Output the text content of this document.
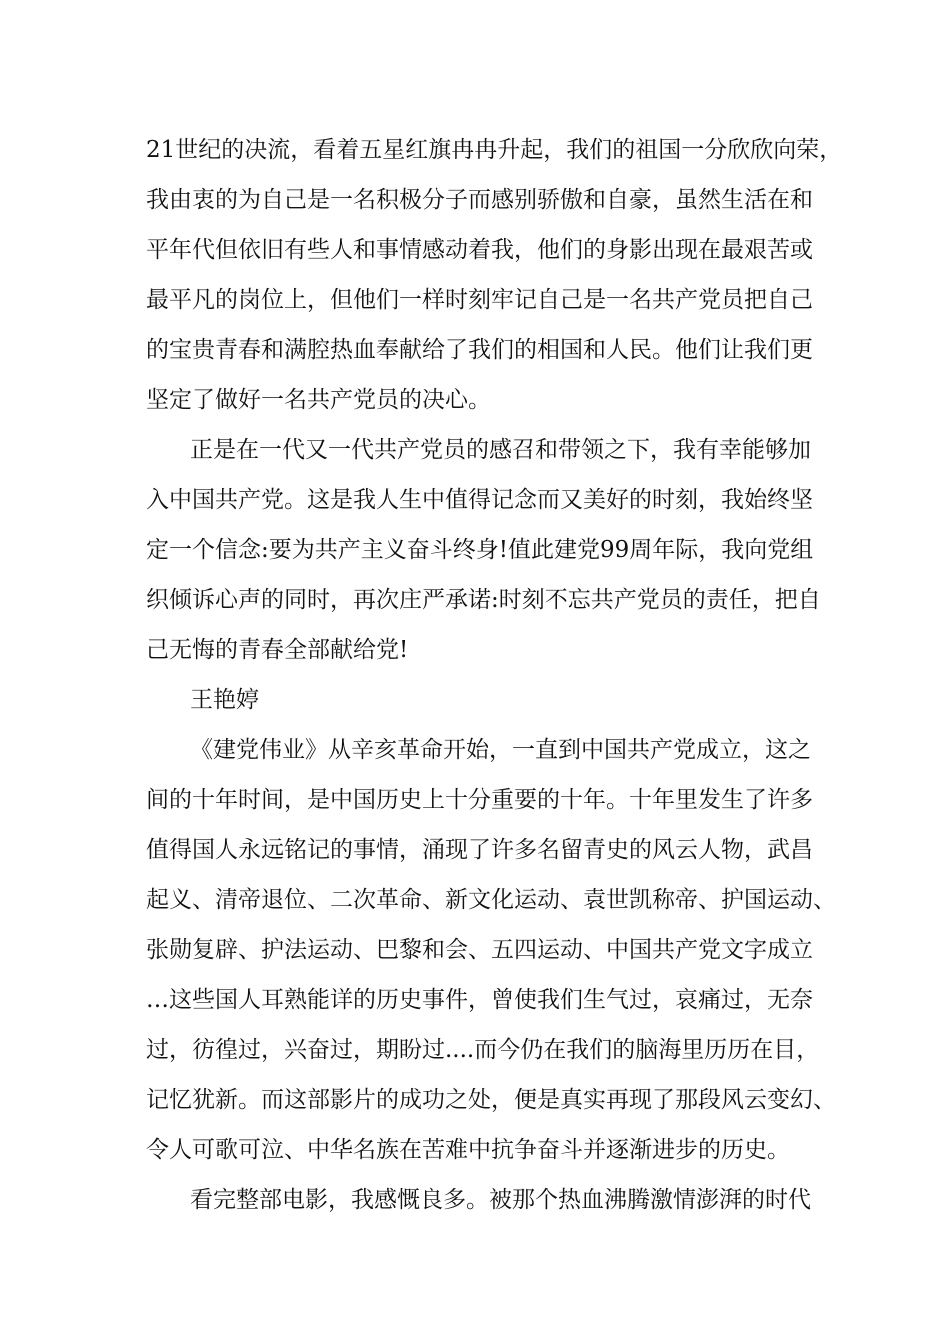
21世纪的决流，看着五星红旗冉冉升起，我们的祖国一分欣欣向荣，
我由衷的为自己是一名积极分子而感别骄傲和自豪，虽然生活在和
平年代但依旧有些人和事情感动着我，他们的身影出现在最艰苦或
最平凡的岗位上，但他们一样时刻牢记自己是一名共产党员把自己
的宝贵青春和满腔热血奉献给了我们的相国和人民。他们让我们更
坚定了做好一名共产党员的决心。
正是在一代又一代共产党员的感召和带领之下，我有幸能够加
入中国共产党。这是我人生中值得记念而又美好的时刻，我始终坚
定一个信念:要为共产主义奋斗终身!值此建党99周年际，我向党组
织倾诉心声的同时，再次庄严承诺:时刻不忘共产党员的责任，把自
己无悔的青春全部献给党!
王艳婷
《建党伟业》从辛亥革命开始，一直到中国共产党成立，这之
间的十年时间，是中国历史上十分重要的十年。十年里发生了许多
值得国人永远铭记的事情，涌现了许多名留青史的风云人物，武昌
起义、清帝退位、二次革命、新文化运动、袁世凯称帝、护国运动、
张勋复辟、护法运动、巴黎和会、五四运动、中国共产党文字成立
…这些国人耳熟能详的历史事件，曾使我们生气过，哀痛过，无奈
过，彷徨过，兴奋过，期盼过....而今仍在我们的脑海里历历在目，
记忆犹新。而这部影片的成功之处，便是真实再现了那段风云变幻、
令人可歌可泣、中华名族在苦难中抗争奋斗并逐渐进步的历史。
看完整部电影，我感慨良多。被那个热血沸腾激情澎湃的时代
